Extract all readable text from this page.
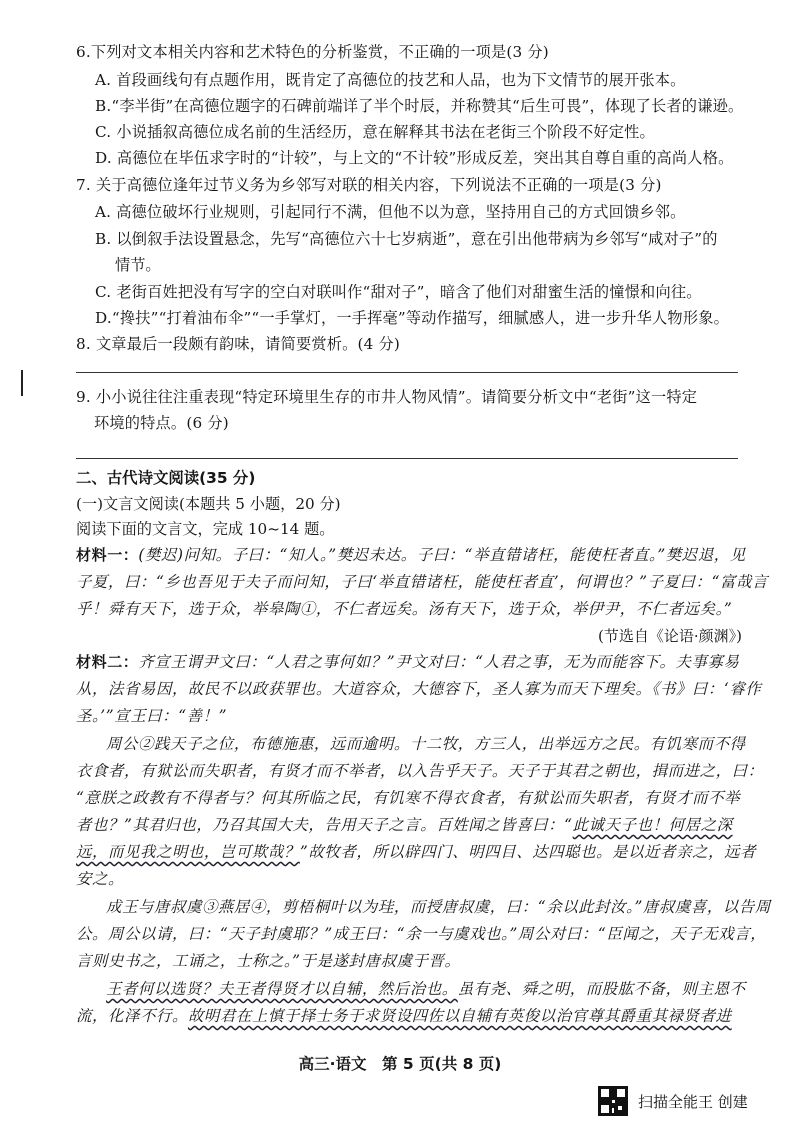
6.下列对文本相关内容和艺术特色的分析鉴赏，不正确的一项是(3 分)
A. 首段画线句有点题作用，既肯定了高德位的技艺和人品，也为下文情节的展开张本。
B.“李半街”在高德位题字的石碑前端详了半个时辰，并称赞其“后生可畏”，体现了长者的谦逊。
C. 小说插叙高德位成名前的生活经历，意在解释其书法在老街三个阶段不好定性。
D. 高德位在毕伍求字时的“计较”，与上文的“不计较”形成反差，突出其自尊自重的高尚人格。
7. 关于高德位逢年过节义务为乡邻写对联的相关内容，下列说法不正确的一项是(3 分)
A. 高德位破坏行业规则，引起同行不满，但他不以为意，坚持用自己的方式回馈乡邻。
B. 以倒叙手法设置悬念，先写“高德位六十七岁病逝”，意在引出他带病为乡邻写“咸对子”的
情节。
C. 老街百姓把没有写字的空白对联叫作“甜对子”，暗含了他们对甜蜜生活的憧憬和向往。
D.“搀扶”“打着油布伞”“一手掌灯，一手挥毫”等动作描写，细腻感人，进一步升华人物形象。
8. 文章最后一段颇有韵味，请简要赏析。(4 分)
9. 小小说往往注重表现“特定环境里生存的市井人物风情”。请简要分析文中“老街”这一特定
环境的特点。(6 分)
二、古代诗文阅读(35 分)
(一)文言文阅读(本题共 5 小题，20 分)
阅读下面的文言文，完成 10~14 题。
材料一：(樊迟)问知。子曰：“知人。”樊迟未达。子曰：“举直错诸枉，能使枉者直。”樊迟退，见
子夏，曰：“乡也吾见于夫子而问知，子曰‘举直错诸枉，能使枉者直’，何谓也？”子夏曰：“富哉言
乎！舜有天下，选于众，举皋陶①，不仁者远矣。汤有天下，选于众，举伊尹，不仁者远矣。”
(节选自《论语·颜渊》)
材料二：齐宣王谓尹文曰：“人君之事何如？”尹文对曰：“人君之事，无为而能容下。夫事寡易
从，法省易因，故民不以政获罪也。大道容众，大德容下，圣人寡为而天下理矣。《书》曰：‘睿作
圣。’”宣王曰：“善！”
周公②践天子之位，布德施惠，远而逾明。十二牧，方三人，出举远方之民。有饥寒而不得
衣食者，有狱讼而失职者，有贤才而不举者，以入告乎天子。天子于其君之朝也，揖而进之，曰：
“意朕之政教有不得者与？何其所临之民，有饥寒不得衣食者，有狱讼而失职者，有贤才而不举
者也？”其君归也，乃召其国大夫，告用天子之言。百姓闻之皆喜曰：“此诚天子也！何居之深
远，而见我之明也，岂可欺哉？”故牧者，所以辟四门、明四目、达四聪也。是以近者亲之，远者
安之。
成王与唐叔虞③燕居④，剪梧桐叶以为珪，而授唐叔虞，曰：“余以此封汝。”唐叔虞喜，以告周
公。周公以请，曰：“天子封虞耶？”成王曰：“余一与虞戏也。”周公对曰：“臣闻之，天子无戏言，
言则史书之，工诵之，士称之。”于是遂封唐叔虞于晋。
王者何以选贤？夫王者得贤才以自辅，然后治也。虽有尧、舜之明，而股肱不备，则主恩不
流，化泽不行。故明君在上慎于择士务于求贤设四佐以自辅有英俊以治官尊其爵重其禄贤者进
高三·语文　第 5 页(共 8 页)
扫描全能王 创建
